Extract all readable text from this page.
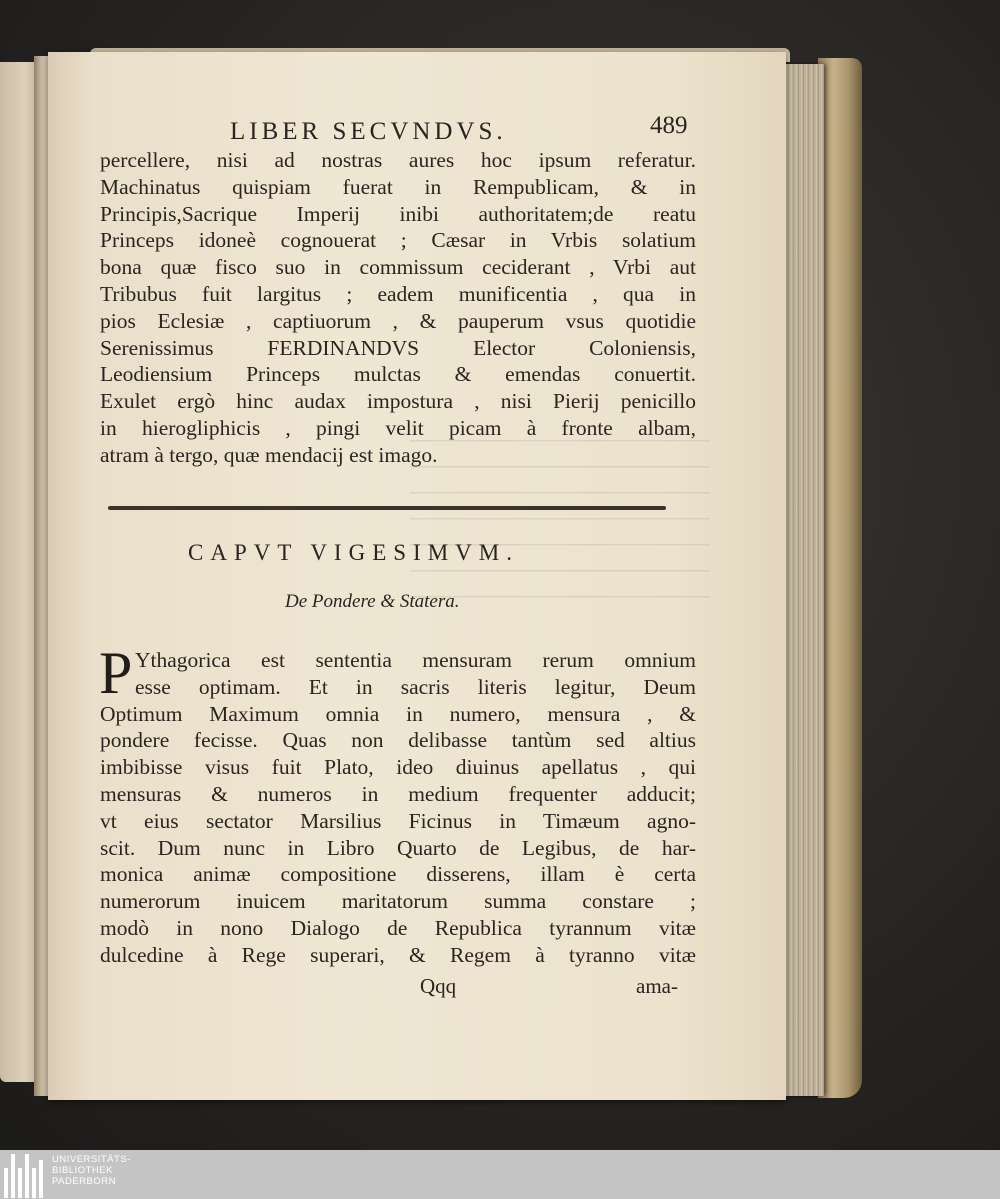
LIBER SECVNDVS.	489
percellere, nisi ad nostras aures hoc ipsum referatur.
Machinatus quispiam fuerat in Rempublicam, & in
Principis,Sacrique Imperij inibi authoritatem;de reatu
Princeps idoneè cognouerat ; Cæsar in Vrbis solatium
bona quæ fisco suo in commissum ceciderant , Vrbi aut
Tribubus fuit largitus ; eadem munificentia , qua in
pios Eclesiæ , captiuorum , & pauperum vsus quotidie
Serenissimus FERDINANDVS Elector Coloniensis,
Leodiensium Princeps mulctas & emendas conuertit.
Exulet ergò hinc audax impostura , nisi Pierij penicillo
in hierogliphicis , pingi velit picam à fronte albam,
atram à tergo, quæ mendacij est imago.
CAPVT VIGESIMVM.
De Pondere & Statera.
P Ythagorica est sententia mensuram rerum omnium
esse optimam. Et in sacris literis legitur, Deum
Optimum Maximum omnia in numero, mensura , &
pondere fecisse. Quas non delibasse tantùm sed altius
imbibisse visus fuit Plato, ideo diuinus apellatus , qui
mensuras & numeros in medium frequenter adducit;
vt eius sectator Marsilius Ficinus in Timæum agno-
scit. Dum nunc in Libro Quarto de Legibus, de har-
monica animæ compositione disserens, illam è certa
numerorum inuicem maritatorum summa constare ;
modò in nono Dialogo de Republica tyrannum vitæ
dulcedine à Rege superari, & Regem à tyranno vitæ
Qqq	ama-
UNIVERSITÄTS-
BIBLIOTHEK
PADERBORN
